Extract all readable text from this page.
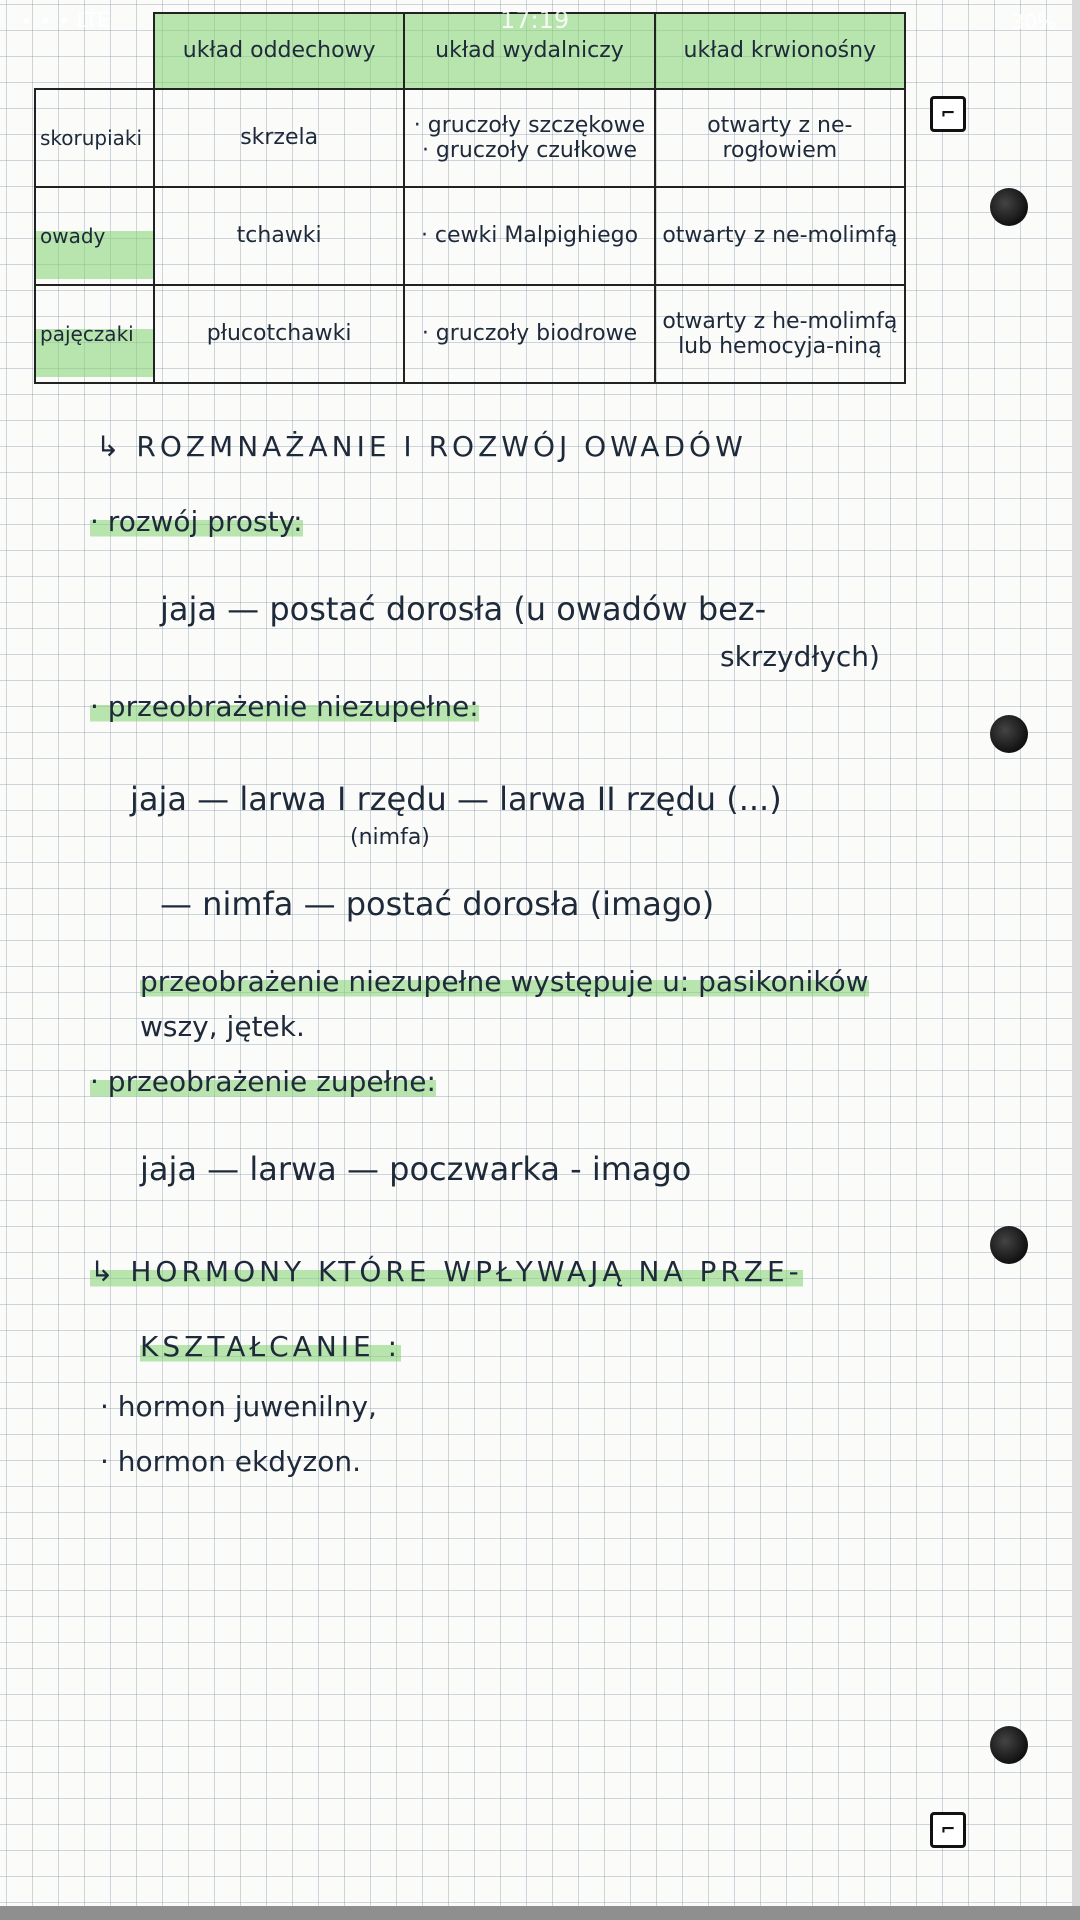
	układ oddechowy	układ wydalniczy	układ krwionośny
skorupiaki	skrzela	· gruczoły szczękowe · gruczoły czułkowe	otwarty z ne-rogłowiem
owady	tchawki	· cewki Malpighiego	otwarty z ne-molimfą
pajęczaki	płucotchawki	· gruczoły biodrowe	otwarty z he-molimfą lub hemocyja-niną
↳ ROZMNAŻANIE I ROZWÓJ OWADÓW
· rozwój prosty:
jaja — postać dorosła (u owadów bez-
skrzydłych)
· przeobrażenie niezupełne:
jaja — larwa I rzędu — larwa II rzędu (...)
(nimfa)
— nimfa — postać dorosła (imago)
przeobrażenie niezupełne występuje u: pasikoników
wszy, jętek.
· przeobrażenie zupełne:
jaja — larwa — poczwarka - imago
↳ HORMONY KTÓRE WPŁYWAJĄ NA PRZE-
KSZTAŁCANIE :
· hormon juwenilny,
· hormon ekdyzon.
⌐
⌐
∙ ∙ ∙ LTE	17:19	30%
